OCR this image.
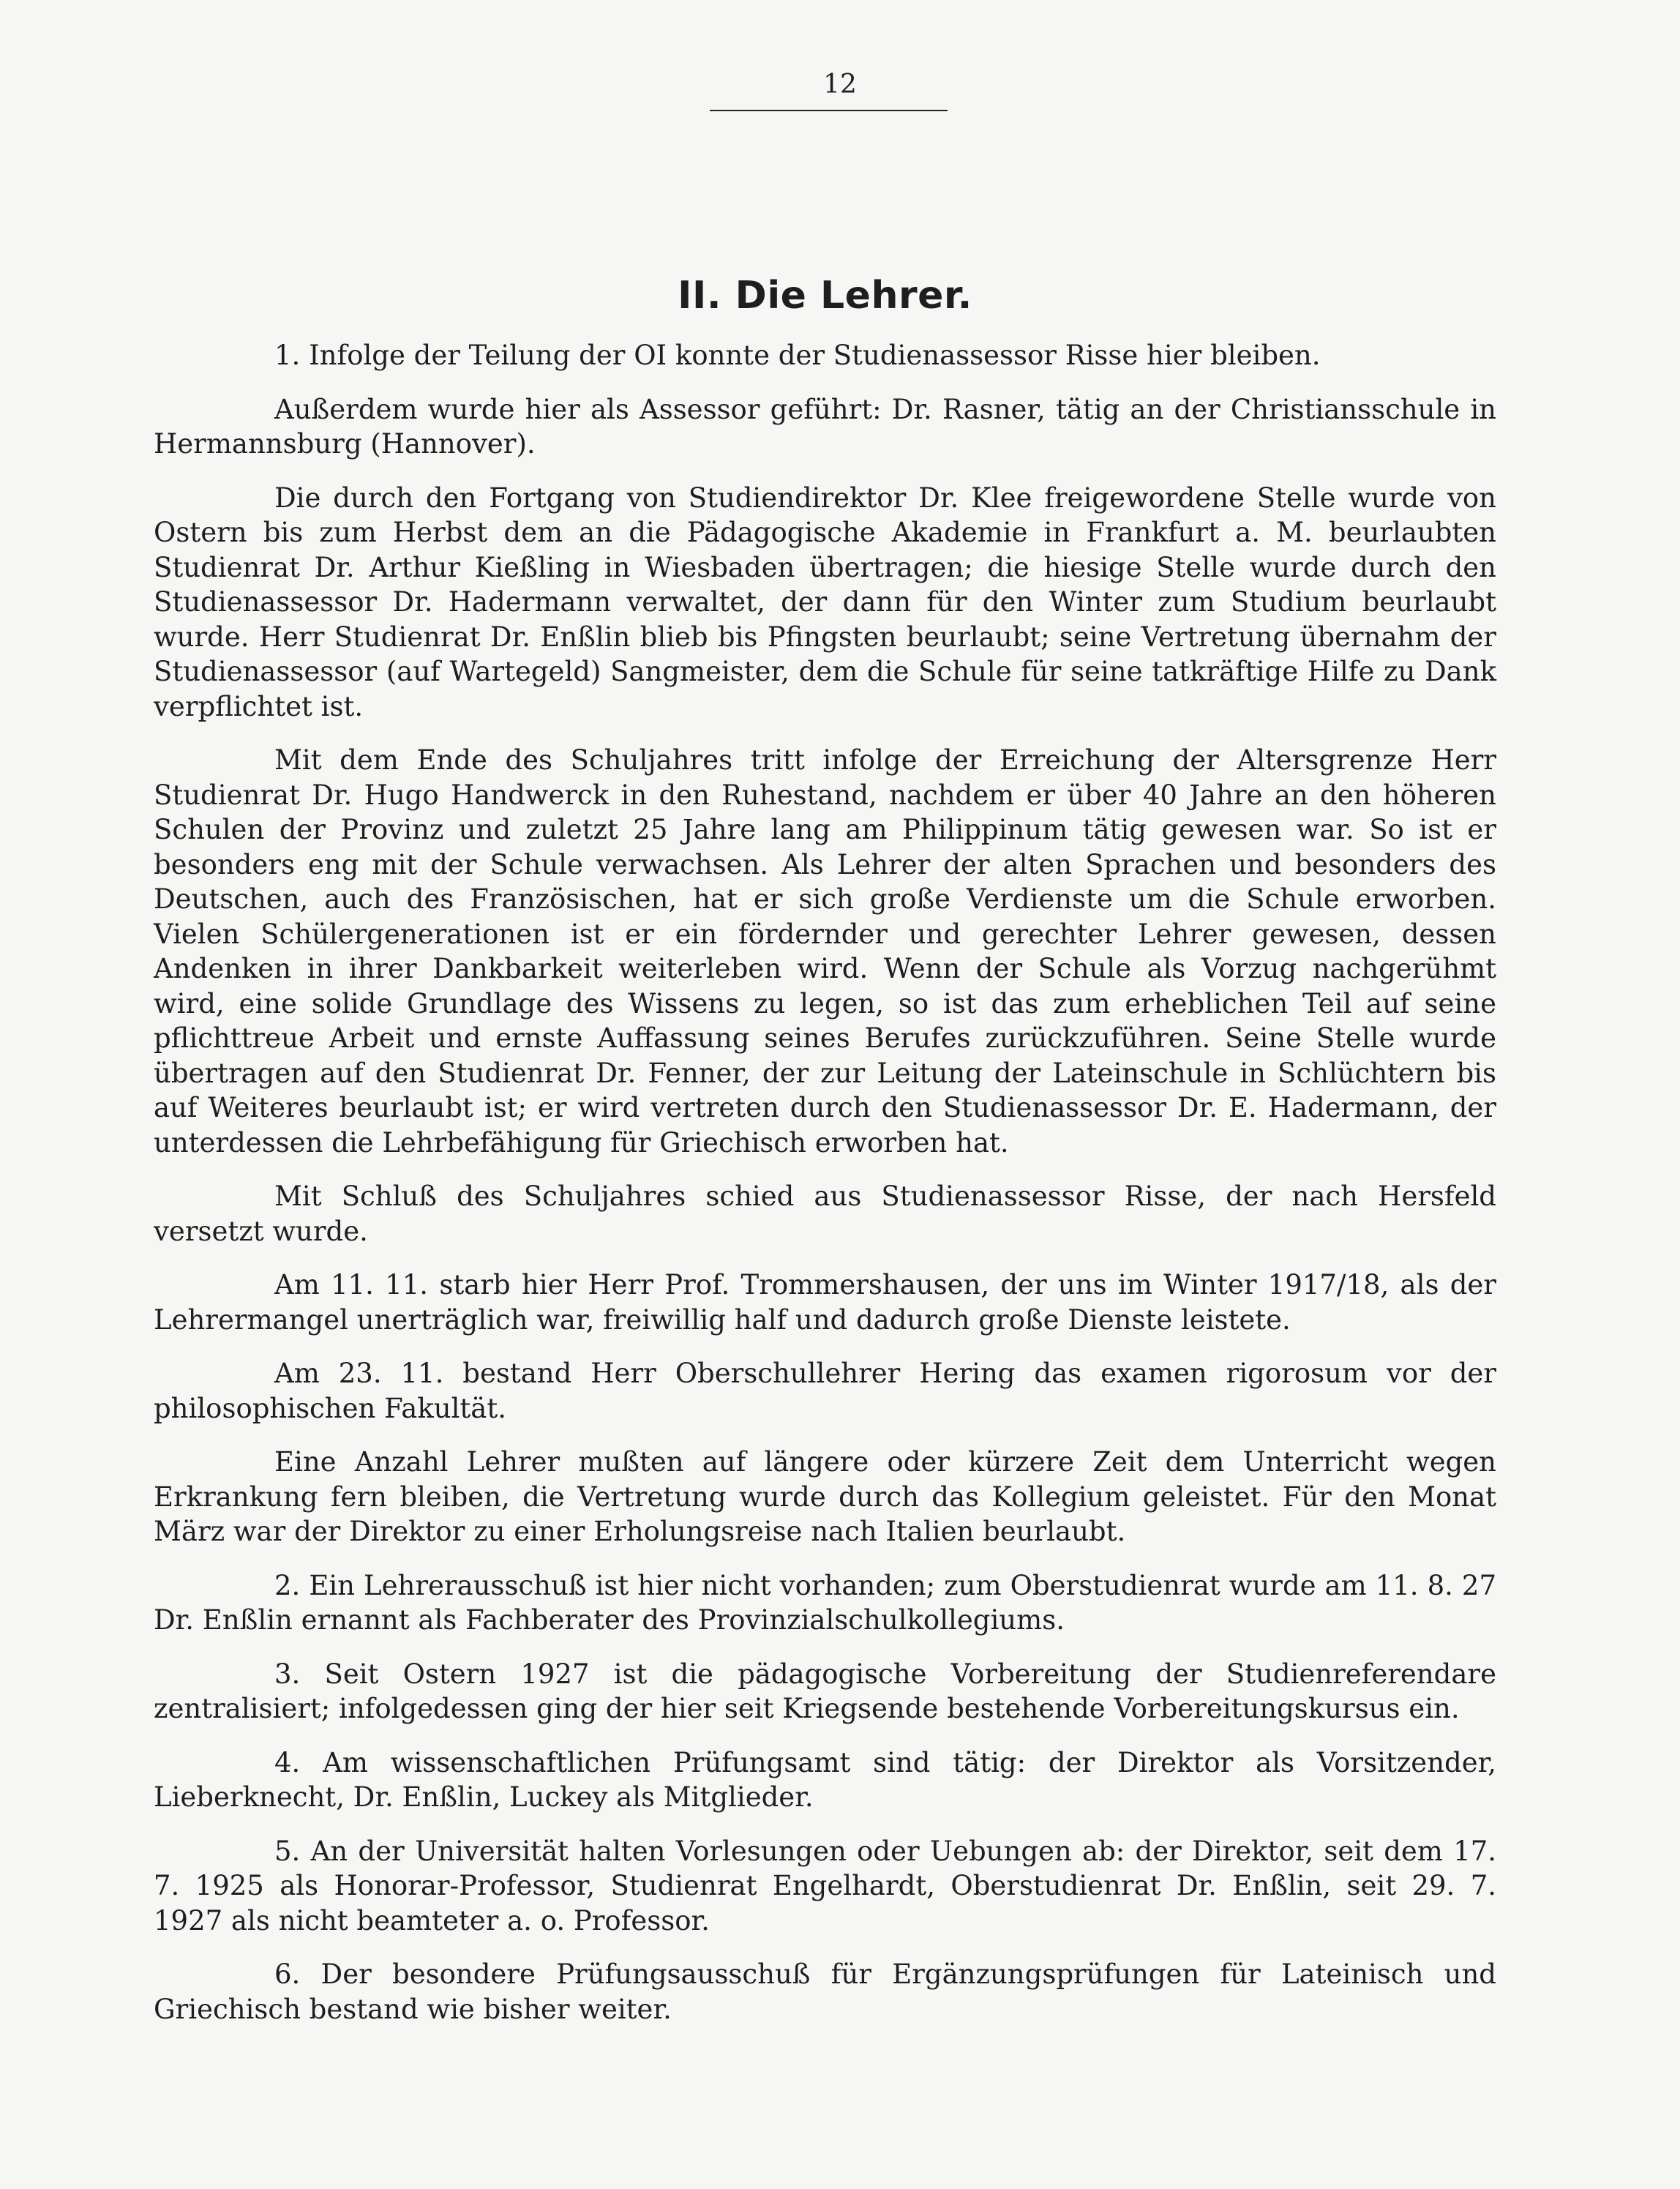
12
II. Die Lehrer.

1. Infolge der Teilung der OI konnte der Studienassessor Risse hier bleiben.

Außerdem wurde hier als Assessor geführt: Dr. Rasner, tätig an der Christiansschule in Hermannsburg (Hannover).

Die durch den Fortgang von Studiendirektor Dr. Klee freigewordene Stelle wurde von Ostern bis zum Herbst dem an die Pädagogische Akademie in Frankfurt a. M. beurlaubten Studienrat Dr. Arthur Kießling in Wiesbaden übertragen; die hiesige Stelle wurde durch den Studienassessor Dr. Hadermann verwaltet, der dann für den Winter zum Studium beurlaubt wurde. Herr Studienrat Dr. Enßlin blieb bis Pfingsten beurlaubt; seine Vertretung übernahm der Studienassessor (auf Wartegeld) Sangmeister, dem die Schule für seine tatkräftige Hilfe zu Dank verpflichtet ist.

Mit dem Ende des Schuljahres tritt infolge der Erreichung der Altersgrenze Herr Studienrat Dr. Hugo Handwerck in den Ruhestand, nachdem er über 40 Jahre an den höheren Schulen der Provinz und zuletzt 25 Jahre lang am Philippinum tätig gewesen war. So ist er besonders eng mit der Schule verwachsen. Als Lehrer der alten Sprachen und besonders des Deutschen, auch des Französischen, hat er sich große Verdienste um die Schule erworben. Vielen Schülergenerationen ist er ein fördernder und gerechter Lehrer gewesen, dessen Andenken in ihrer Dankbarkeit weiterleben wird. Wenn der Schule als Vorzug nachgerühmt wird, eine solide Grundlage des Wissens zu legen, so ist das zum erheblichen Teil auf seine pflichttreue Arbeit und ernste Auffassung seines Berufes zurückzuführen. Seine Stelle wurde übertragen auf den Studienrat Dr. Fenner, der zur Leitung der Lateinschule in Schlüchtern bis auf Weiteres beurlaubt ist; er wird vertreten durch den Studienassessor Dr. E. Hadermann, der unterdessen die Lehrbefähigung für Griechisch erworben hat.

Mit Schluß des Schuljahres schied aus Studienassessor Risse, der nach Hersfeld versetzt wurde.

Am 11. 11. starb hier Herr Prof. Trommershausen, der uns im Winter 1917/18, als der Lehrermangel unerträglich war, freiwillig half und dadurch große Dienste leistete.

Am 23. 11. bestand Herr Oberschullehrer Hering das examen rigorosum vor der philosophischen Fakultät.

Eine Anzahl Lehrer mußten auf längere oder kürzere Zeit dem Unterricht wegen Erkrankung fern bleiben, die Vertretung wurde durch das Kollegium geleistet. Für den Monat März war der Direktor zu einer Erholungsreise nach Italien beurlaubt.

2. Ein Lehrerausschuß ist hier nicht vorhanden; zum Oberstudienrat wurde am 11. 8. 27 Dr. Enßlin ernannt als Fachberater des Provinzialschulkollegiums.

3. Seit Ostern 1927 ist die pädagogische Vorbereitung der Studienreferendare zentralisiert; infolgedessen ging der hier seit Kriegsende bestehende Vorbereitungskursus ein.

4. Am wissenschaftlichen Prüfungsamt sind tätig: der Direktor als Vorsitzender, Lieberknecht, Dr. Enßlin, Luckey als Mitglieder.

5. An der Universität halten Vorlesungen oder Uebungen ab: der Direktor, seit dem 17. 7. 1925 als Honorar-Professor, Studienrat Engelhardt, Oberstudienrat Dr. Enßlin, seit 29. 7. 1927 als nicht beamteter a. o. Professor.

6. Der besondere Prüfungsausschuß für Ergänzungsprüfungen für Lateinisch und Griechisch bestand wie bisher weiter.
